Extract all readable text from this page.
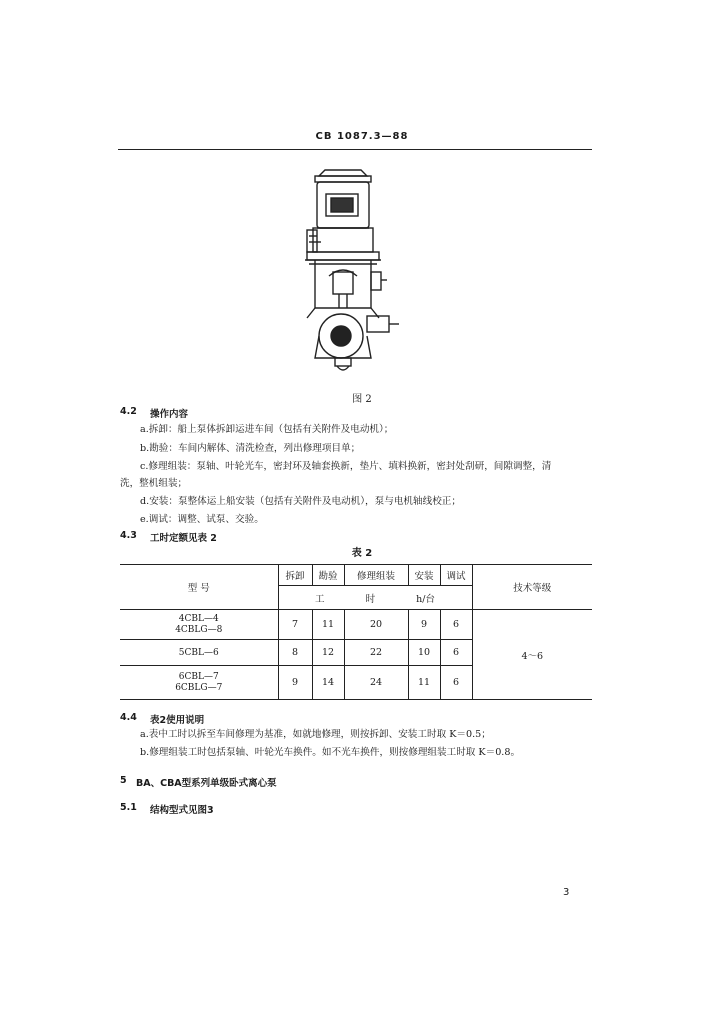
CB 1087.3—88
图 2
4.2 操作内容
a.拆卸：船上泵体拆卸运进车间（包括有关附件及电动机）；
b.勘验：车间内解体、清洗检查，列出修理项目单；
c.修理组装：泵轴、叶轮光车，密封环及轴套换新，垫片、填料换新，密封处刮研，间隙调整，清
洗，整机组装；
d.安装：泵整体运上船安装（包括有关附件及电动机），泵与电机轴线校正；
e.调试：调整、试泵、交验。
4.3 工时定额见表 2
表 2
型 号	拆卸	勘验	修理组装	安装	调试	技术等级

	工 时 h/台					

4CBL—4
4CBLG—8	7	11	20	9	6	4～6
5CBL—6	8	12	22	10	6	

6CBL—7
6CBLG—7	9	14	24	11	6	
4.4 表2使用说明
a.表中工时以拆至车间修理为基准，如就地修理，则按拆卸、安装工时取 K＝0.5；
b.修理组装工时包括泵轴、叶轮光车换件。如不光车换件，则按修理组装工时取 K＝0.8。
5 BA、CBA型系列单级卧式离心泵
5.1 结构型式见图3
3
